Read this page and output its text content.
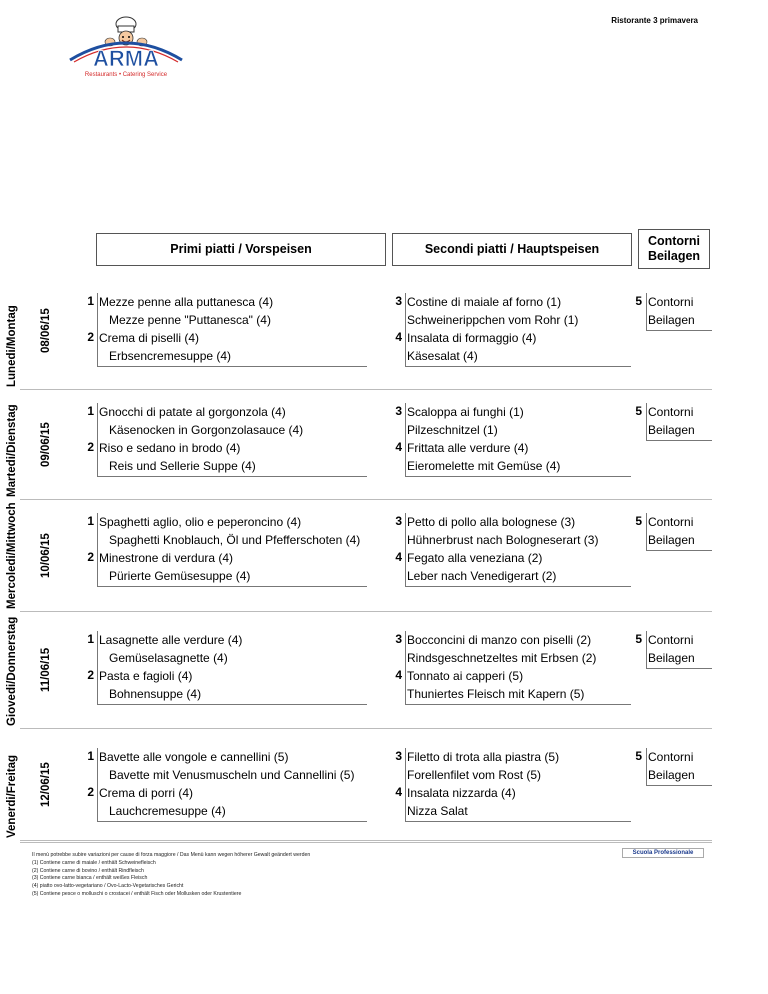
Ristorante 3 primavera
ARMA
Restaurants • Catering Service
Primi piatti / Vorspeisen	Secondi piatti / Hauptspeisen
Contorni
Beilagen
Lunedi/Montag 08/06/15
1 Mezze penne alla puttanesca (4)
Mezze penne "Puttanesca" (4)
2 Crema di piselli (4)
Erbsencremesuppe (4)
3 Costine di maiale af forno (1)
Schweinerippchen vom Rohr (1)
4 Insalata di formaggio (4)
Käsesalat (4)
5 Contorni
Beilagen
Martedi/Dienstag 09/06/15
1 Gnocchi di patate al gorgonzola (4)
Käsenocken in Gorgonzolasauce (4)
2 Riso e sedano in brodo (4)
Reis und Sellerie Suppe (4)
3 Scaloppa ai funghi (1)
Pilzeschnitzel (1)
4 Frittata alle verdure (4)
Eieromelette mit Gemüse (4)
5 Contorni
Beilagen
Mercoledi/Mittwoch 10/06/15
1 Spaghetti aglio, olio e peperoncino (4)
Spaghetti Knoblauch, Öl und Pfefferschoten (4)
2 Minestrone di verdura (4)
Pürierte Gemüsesuppe (4)
3 Petto di pollo alla bolognese (3)
Hühnerbrust nach Bologneserart (3)
4 Fegato alla veneziana (2)
Leber nach Venedigerart (2)
5 Contorni
Beilagen
Giovedi/Donnerstag 11/06/15
1 Lasagnette alle verdure (4)
Gemüselasagnette (4)
2 Pasta e fagioli (4)
Bohnensuppe (4)
3 Bocconcini di manzo con piselli (2)
Rindsgeschnetzeltes mit Erbsen (2)
4 Tonnato ai capperi (5)
Thuniertes Fleisch mit Kapern (5)
5 Contorni
Beilagen
Venerdi/Freitag 12/06/15
1 Bavette alle vongole e cannellini (5)
Bavette mit Venusmuscheln und Cannellini (5)
2 Crema di porri (4)
Lauchcremesuppe (4)
3 Filetto di trota alla piastra (5)
Forellenfilet vom Rost (5)
4 Insalata nizzarda (4)
Nizza Salat
5 Contorni
Beilagen
Il menù potrebbe subire variazioni per cause di forza maggiore / Das Menü kann wegen höherer Gewalt geändert werden
(1) Contiene carne di maiale / enthält Schweinefleisch
(2) Contiene carne di bovino / enthält Rindfleisch
(3) Contiene carne bianca / enthält weißes Fleisch
(4) piatto ovo-latto-vegetariano / Ovo-Lacto-Vegetarisches Gericht
(5) Contiene pesce o molluschi o crostacei / enthält Fisch oder Mollusken oder Krustentiere
Scuola Professionale
